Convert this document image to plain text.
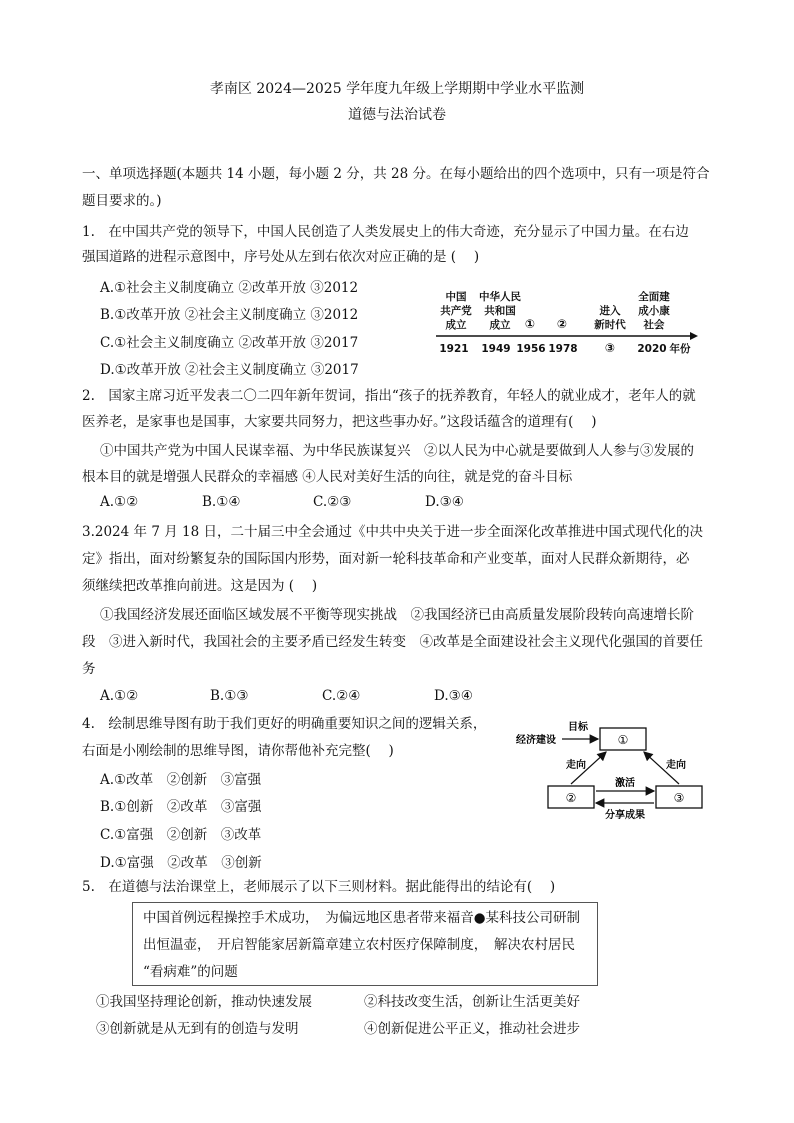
孝南区 2024—2025 学年度九年级上学期期中学业水平监测
道德与法治试卷
一、单项选择题(本题共 14 小题，每小题 2 分，共 28 分。在每小题给出的四个选项中，只有一项是符合
题目要求的。)
1.　在中国共产党的领导下，中国人民创造了人类发展史上的伟大奇迹，充分显示了中国力量。在右边
强国道路的进程示意图中，序号处从左到右依次对应正确的是 (　 )
A.①社会主义制度确立 ②改革开放 ③2012
B.①改革开放 ②社会主义制度确立 ③2012
C.①社会主义制度确立 ②改革开放 ③2017
D.①改革开放 ②社会主义制度确立 ③2017
中国
共产党
成立
中华人民
共和国
成立 ① ②
进入
新时代
全面建
成小康
社会
1921 1949 1956 1978 ③ 2020 年份
2.　国家主席习近平发表二〇二四年新年贺词，指出“孩子的抚养教育，年轻人的就业成才，老年人的就
医养老，是家事也是国事，大家要共同努力，把这些事办好。”这段话蕴含的道理有(　 )
①中国共产党为中国人民谋幸福、为中华民族谋复兴　②以人民为中心就是要做到人人参与③发展的
根本目的就是增强人民群众的幸福感 ④人民对美好生活的向往，就是党的奋斗目标
A.①②	B.①④	C.②③	D.③④
3.2024 年 7 月 18 日，二十届三中全会通过《中共中央关于进一步全面深化改革推进中国式现代化的决
定》指出，面对纷繁复杂的国际国内形势，面对新一轮科技革命和产业变革，面对人民群众新期待，必
须继续把改革推向前进。这是因为 (　 )
①我国经济发展还面临区域发展不平衡等现实挑战　②我国经济已由高质量发展阶段转向高速增长阶
段　③进入新时代，我国社会的主要矛盾已经发生转变　④改革是全面建设社会主义现代化强国的首要任
务
A.①②	B.①③	C.②④	D.③④
4.　绘制思维导图有助于我们更好的明确重要知识之间的逻辑关系，
右面是小刚绘制的思维导图，请你帮他补充完整(　 )
A.①改革　②创新　③富强
B.①创新　②改革　③富强
C.①富强　②创新　③改革
D.①富强　②改革　③创新
①
②	③
目标
经济建设
走向	走向
激活
分享成果
5.　在道德与法治课堂上，老师展示了以下三则材料。据此能得出的结论有(　 )
中国首例远程操控手术成功，　为偏远地区患者带来福音●某科技公司研制
出恒温壶，　开启智能家居新篇章建立农村医疗保障制度，　解决农村居民
“看病难”的问题
①我国坚持理论创新，推动快速发展	②科技改变生活，创新让生活更美好
③创新就是从无到有的创造与发明	④创新促进公平正义，推动社会进步
